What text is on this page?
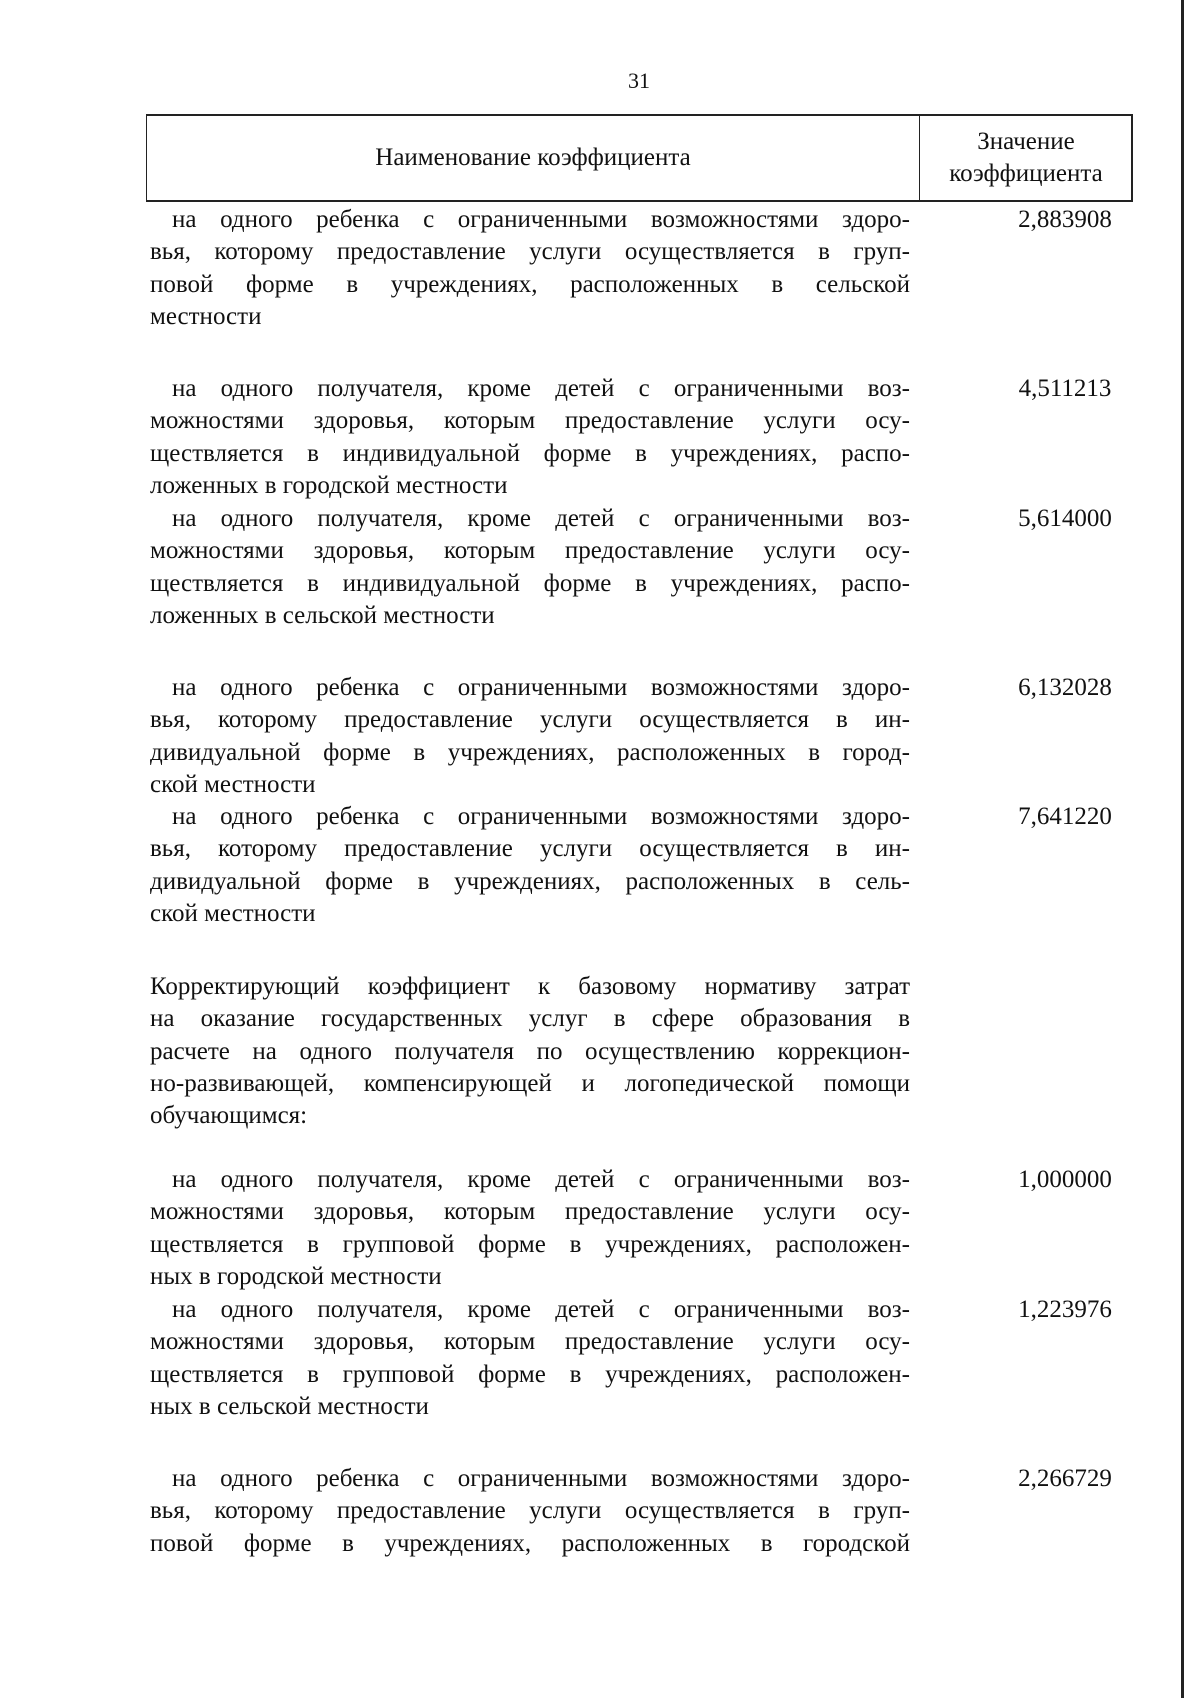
31
Наименование коэффициента
Значение
коэффициента
на одного ребенка с ограниченными возможностями здоро-
вья, которому предоставление услуги осуществляется в груп-
повой форме в учреждениях, расположенных в сельской
местности
2,883908
на одного получателя, кроме детей с ограниченными воз-
можностями здоровья, которым предоставление услуги осу-
ществляется в индивидуальной форме в учреждениях, распо-
ложенных в городской местности
4,511213
на одного получателя, кроме детей с ограниченными воз-
можностями здоровья, которым предоставление услуги осу-
ществляется в индивидуальной форме в учреждениях, распо-
ложенных в сельской местности
5,614000
на одного ребенка с ограниченными возможностями здоро-
вья, которому предоставление услуги осуществляется в ин-
дивидуальной форме в учреждениях, расположенных в город-
ской местности
6,132028
на одного ребенка с ограниченными возможностями здоро-
вья, которому предоставление услуги осуществляется в ин-
дивидуальной форме в учреждениях, расположенных в сель-
ской местности
7,641220
Корректирующий коэффициент к базовому нормативу затрат
на оказание государственных услуг в сфере образования в
расчете на одного получателя по осуществлению коррекцион-
но-развивающей, компенсирующей и логопедической помощи
обучающимся:
на одного получателя, кроме детей с ограниченными воз-
можностями здоровья, которым предоставление услуги осу-
ществляется в групповой форме в учреждениях, расположен-
ных в городской местности
1,000000
на одного получателя, кроме детей с ограниченными воз-
можностями здоровья, которым предоставление услуги осу-
ществляется в групповой форме в учреждениях, расположен-
ных в сельской местности
1,223976
на одного ребенка с ограниченными возможностями здоро-
вья, которому предоставление услуги осуществляется в груп-
повой форме в учреждениях, расположенных в городской
2,266729
